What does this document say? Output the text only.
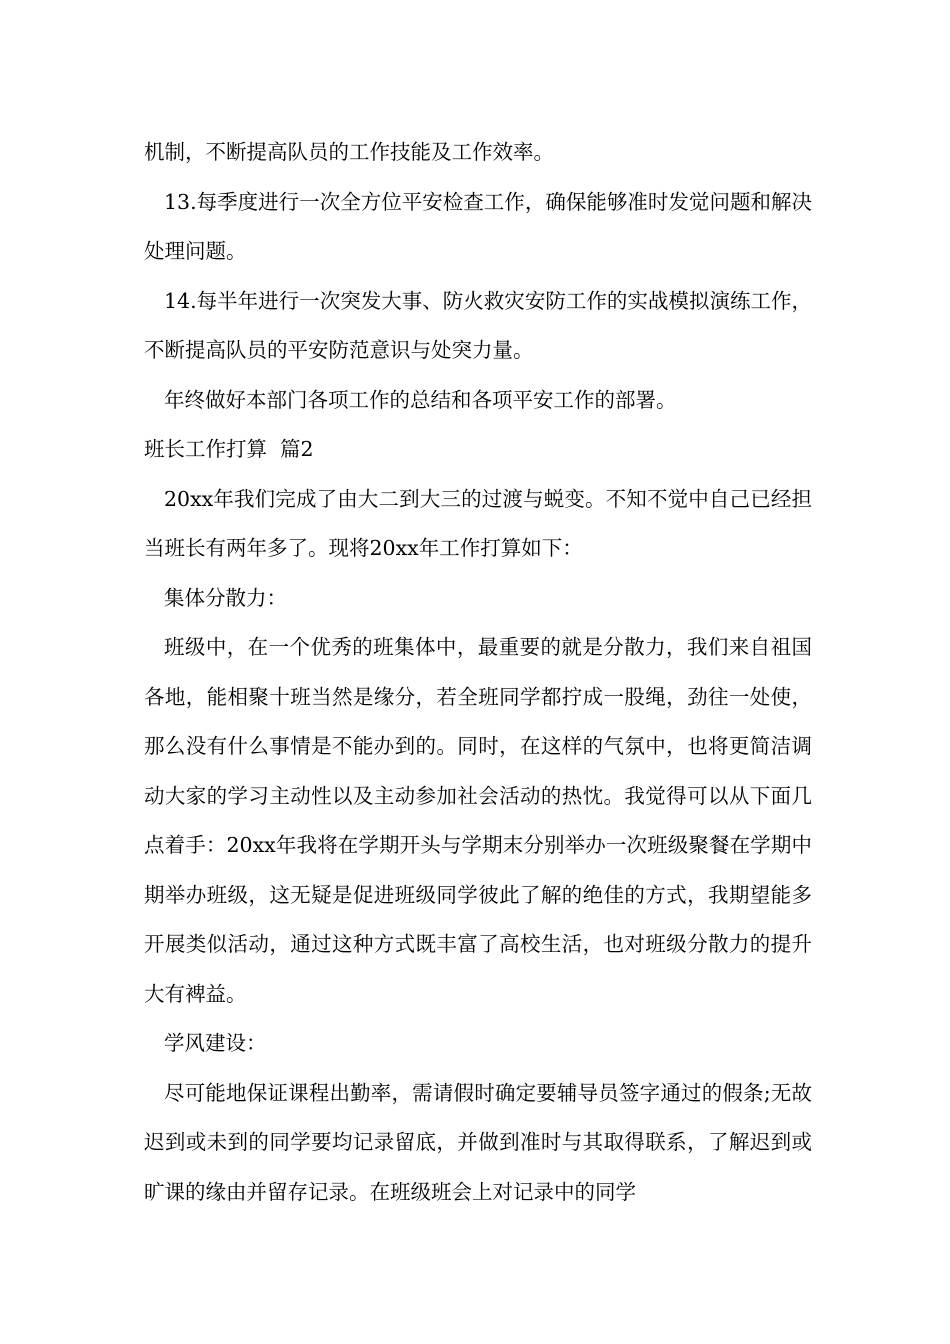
机制，不断提高队员的工作技能及工作效率。

13.每季度进行一次全方位平安检查工作，确保能够准时发觉问题和解决处理问题。

14.每半年进行一次突发大事、防火救灾安防工作的实战模拟演练工作，不断提高队员的平安防范意识与处突力量。

年终做好本部门各项工作的总结和各项平安工作的部署。

班长工作打算  篇2

20xx年我们完成了由大二到大三的过渡与蜕变。不知不觉中自己已经担当班长有两年多了。现将20xx年工作打算如下：

集体分散力：

班级中，在一个优秀的班集体中，最重要的就是分散力，我们来自祖国各地，能相聚十班当然是缘分，若全班同学都拧成一股绳，劲往一处使，那么没有什么事情是不能办到的。同时，在这样的气氛中，也将更简洁调动大家的学习主动性以及主动参加社会活动的热忱。我觉得可以从下面几点着手：20xx年我将在学期开头与学期末分别举办一次班级聚餐在学期中期举办班级，这无疑是促进班级同学彼此了解的绝佳的方式，我期望能多开展类似活动，通过这种方式既丰富了高校生活，也对班级分散力的提升大有裨益。

学风建设：

尽可能地保证课程出勤率，需请假时确定要辅导员签字通过的假条;无故迟到或未到的同学要均记录留底，并做到准时与其取得联系，了解迟到或旷课的缘由并留存记录。在班级班会上对记录中的同学
